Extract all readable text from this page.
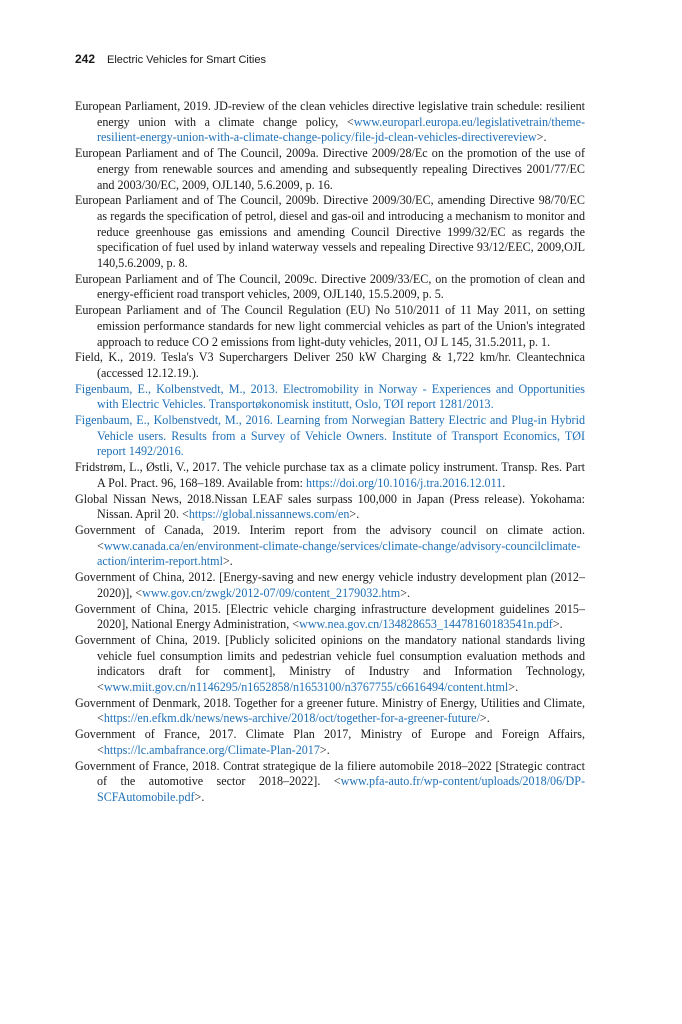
242 Electric Vehicles for Smart Cities

European Parliament, 2019. JD-review of the clean vehicles directive legislative train schedule: resilient energy union with a climate change policy, <www.europarl.europa.eu/legislativetrain/theme-resilient-energy-union-with-a-climate-change-policy/file-jd-clean-vehicles-directivereview>.

European Parliament and of The Council, 2009a. Directive 2009/28/Ec on the promotion of the use of energy from renewable sources and amending and subsequently repealing Directives 2001/77/EC and 2003/30/EC, 2009, OJL140, 5.6.2009, p. 16.

European Parliament and of The Council, 2009b. Directive 2009/30/EC, amending Directive 98/70/EC as regards the specification of petrol, diesel and gas-oil and introducing a mechanism to monitor and reduce greenhouse gas emissions and amending Council Directive 1999/32/EC as regards the specification of fuel used by inland waterway vessels and repealing Directive 93/12/EEC, 2009,OJL 140,5.6.2009, p. 8.

European Parliament and of The Council, 2009c. Directive 2009/33/EC, on the promotion of clean and energy-efficient road transport vehicles, 2009, OJL140, 15.5.2009, p. 5.

European Parliament and of The Council Regulation (EU) No 510/2011 of 11 May 2011, on setting emission performance standards for new light commercial vehicles as part of the Union's integrated approach to reduce CO 2 emissions from light-duty vehicles, 2011, OJ L 145, 31.5.2011, p. 1.

Field, K., 2019. Tesla's V3 Superchargers Deliver 250 kW Charging & 1,722 km/hr. Cleantechnica (accessed 12.12.19.).

Figenbaum, E., Kolbenstvedt, M., 2013. Electromobility in Norway - Experiences and Opportunities with Electric Vehicles. Transportøkonomisk institutt, Oslo, TØI report 1281/2013.

Figenbaum, E., Kolbenstvedt, M., 2016. Learning from Norwegian Battery Electric and Plug-in Hybrid Vehicle users. Results from a Survey of Vehicle Owners. Institute of Transport Economics, TØI report 1492/2016.

Fridstrøm, L., Østli, V., 2017. The vehicle purchase tax as a climate policy instrument. Transp. Res. Part A Pol. Pract. 96, 168–189. Available from: https://doi.org/10.1016/j.tra.2016.12.011.

Global Nissan News, 2018.Nissan LEAF sales surpass 100,000 in Japan (Press release). Yokohama: Nissan. April 20. <https://global.nissannews.com/en>.

Government of Canada, 2019. Interim report from the advisory council on climate action. <www.canada.ca/en/environment-climate-change/services/climate-change/advisory-councilclimate-action/interim-report.html>.

Government of China, 2012. [Energy-saving and new energy vehicle industry development plan (2012–2020)], <www.gov.cn/zwgk/2012-07/09/content_2179032.htm>.

Government of China, 2015. [Electric vehicle charging infrastructure development guidelines 2015–2020], National Energy Administration, <www.nea.gov.cn/134828653_14478160183541n.pdf>.

Government of China, 2019. [Publicly solicited opinions on the mandatory national standards living vehicle fuel consumption limits and pedestrian vehicle fuel consumption evaluation methods and indicators draft for comment], Ministry of Industry and Information Technology, <www.miit.gov.cn/n1146295/n1652858/n1653100/n3767755/c6616494/content.html>.

Government of Denmark, 2018. Together for a greener future. Ministry of Energy, Utilities and Climate, <https://en.efkm.dk/news/news-archive/2018/oct/together-for-a-greener-future/>.

Government of France, 2017. Climate Plan 2017, Ministry of Europe and Foreign Affairs, <https://lc.ambafrance.org/Climate-Plan-2017>.

Government of France, 2018. Contrat strategique de la filiere automobile 2018–2022 [Strategic contract of the automotive sector 2018–2022]. <www.pfa-auto.fr/wp-content/uploads/2018/06/DP-SCFAutomobile.pdf>.
